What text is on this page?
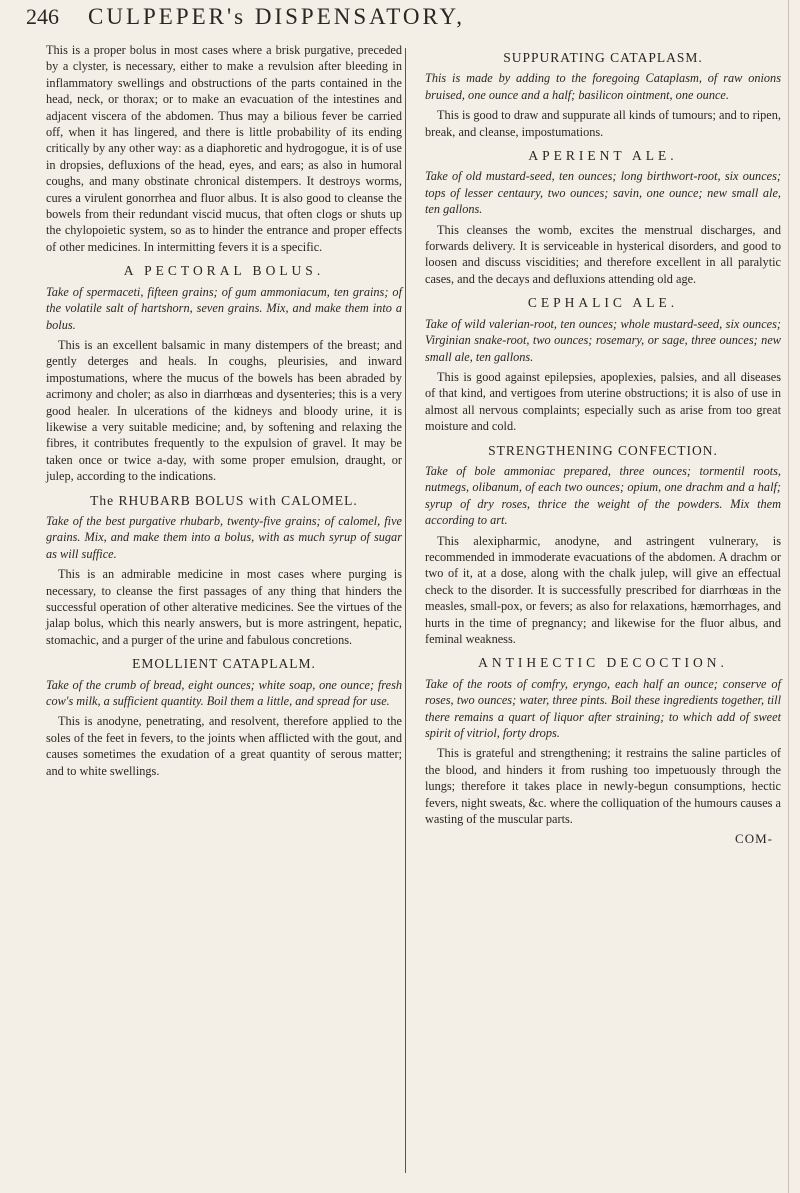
246 CULPEPER's DISPENSATORY,

This is a proper bolus in most cases where a brisk purgative, preceded by a clyster, is necessary, either to make a revulsion after bleeding in inflammatory swellings and obstructions of the parts contained in the head, neck, or thorax; or to make an evacuation of the intestines and adjacent viscera of the abdomen. Thus may a bilious fever be carried off, when it has lingered, and there is little probability of its ending critically by any other way: as a diaphoretic and hydrogogue, it is of use in dropsies, defluxions of the head, eyes, and ears; as also in humoral coughs, and many obstinate chronical distempers. It destroys worms, cures a virulent gonorrhea and fluor albus. It is also good to cleanse the bowels from their redundant viscid mucus, that often clogs or shuts up the chylopoietic system, so as to hinder the entrance and proper effects of other medicines. In intermitting fevers it is a specific.

A PECTORAL BOLUS.

Take of spermaceti, fifteen grains; of gum ammoniacum, ten grains; of the volatile salt of hartshorn, seven grains. Mix, and make them into a bolus.

This is an excellent balsamic in many distempers of the breast; and gently deterges and heals. In coughs, pleurisies, and inward impostumations, where the mucus of the bowels has been abraded by acrimony and choler; as also in diarrhœas and dysenteries; this is a very good healer. In ulcerations of the kidneys and bloody urine, it is likewise a very suitable medicine; and, by softening and relaxing the fibres, it contributes frequently to the expulsion of gravel. It may be taken once or twice a-day, with some proper emulsion, draught, or julep, according to the indications.

The RHUBARB BOLUS with CALOMEL.

Take of the best purgative rhubarb, twenty-five grains; of calomel, five grains. Mix, and make them into a bolus, with as much syrup of sugar as will suffice.

This is an admirable medicine in most cases where purging is necessary, to cleanse the first passages of any thing that hinders the successful operation of other alterative medicines. See the virtues of the jalap bolus, which this nearly answers, but is more astringent, hepatic, stomachic, and a purger of the urine and fabulous concretions.

EMOLLIENT CATAPLALM.

Take of the crumb of bread, eight ounces; white soap, one ounce; fresh cow's milk, a sufficient quantity. Boil them a little, and spread for use.

This is anodyne, penetrating, and resolvent, therefore applied to the soles of the feet in fevers, to the joints when afflicted with the gout, and causes sometimes the exudation of a great quantity of serous matter; and to white swellings.

SUPPURATING CATAPLASM.

This is made by adding to the foregoing Cataplasm, of raw onions bruised, one ounce and a half; basilicon ointment, one ounce.

This is good to draw and suppurate all kinds of tumours; and to ripen, break, and cleanse, impostumations.

APERIENT ALE.

Take of old mustard-seed, ten ounces; long birthwort-root, six ounces; tops of lesser centaury, two ounces; savin, one ounce; new small ale, ten gallons.

This cleanses the womb, excites the menstrual discharges, and forwards delivery. It is serviceable in hysterical disorders, and good to loosen and discuss viscidities; and therefore excellent in all paralytic cases, and the decays and defluxions attending old age.

CEPHALIC ALE.

Take of wild valerian-root, ten ounces; whole mustard-seed, six ounces; Virginian snake-root, two ounces; rosemary, or sage, three ounces; new small ale, ten gallons.

This is good against epilepsies, apoplexies, palsies, and all diseases of that kind, and vertigoes from uterine obstructions; it is also of use in almost all nervous complaints; especially such as arise from too great moisture and cold.

STRENGTHENING CONFECTION.

Take of bole ammoniac prepared, three ounces; tormentil roots, nutmegs, olibanum, of each two ounces; opium, one drachm and a half; syrup of dry roses, thrice the weight of the powders. Mix them according to art.

This alexipharmic, anodyne, and astringent vulnerary, is recommended in immoderate evacuations of the abdomen. A drachm or two of it, at a dose, along with the chalk julep, will give an effectual check to the disorder. It is successfully prescribed for diarrhœas in the measles, small-pox, or fevers; as also for relaxations, hæmorrhages, and hurts in the time of pregnancy; and likewise for the fluor albus, and feminal weakness.

ANTIHECTIC DECOCTION.

Take of the roots of comfry, eryngo, each half an ounce; conserve of roses, two ounces; water, three pints. Boil these ingredients together, till there remains a quart of liquor after straining; to which add of sweet spirit of vitriol, forty drops.

This is grateful and strengthening; it restrains the saline particles of the blood, and hinders it from rushing too impetuously through the lungs; therefore it takes place in newly-begun consumptions, hectic fevers, night sweats, &c. where the colliquation of the humours causes a wasting of the muscular parts.

COM-
